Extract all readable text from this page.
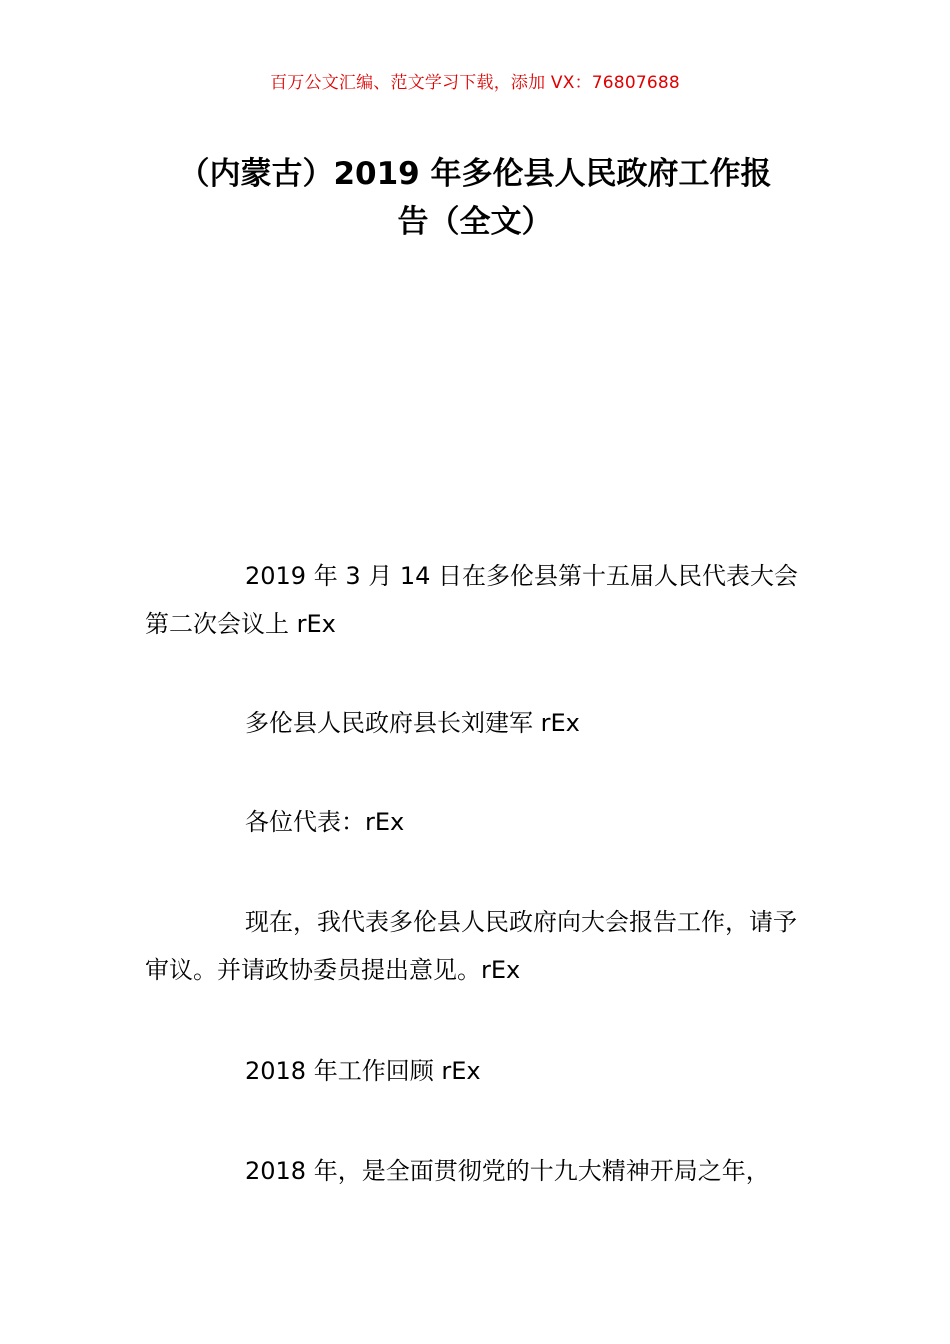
百万公文汇编、范文学习下载，添加 VX：76807688
（内蒙古）2019 年多伦县人民政府工作报
告（全文）

2019 年 3 月 14 日在多伦县第十五届人民代表大会第二次会议上 rEx

多伦县人民政府县长刘建军 rEx

各位代表：rEx

现在，我代表多伦县人民政府向大会报告工作，请予审议。并请政协委员提出意见。rEx

2018 年工作回顾 rEx

2018 年，是全面贯彻党的十九大精神开局之年，
